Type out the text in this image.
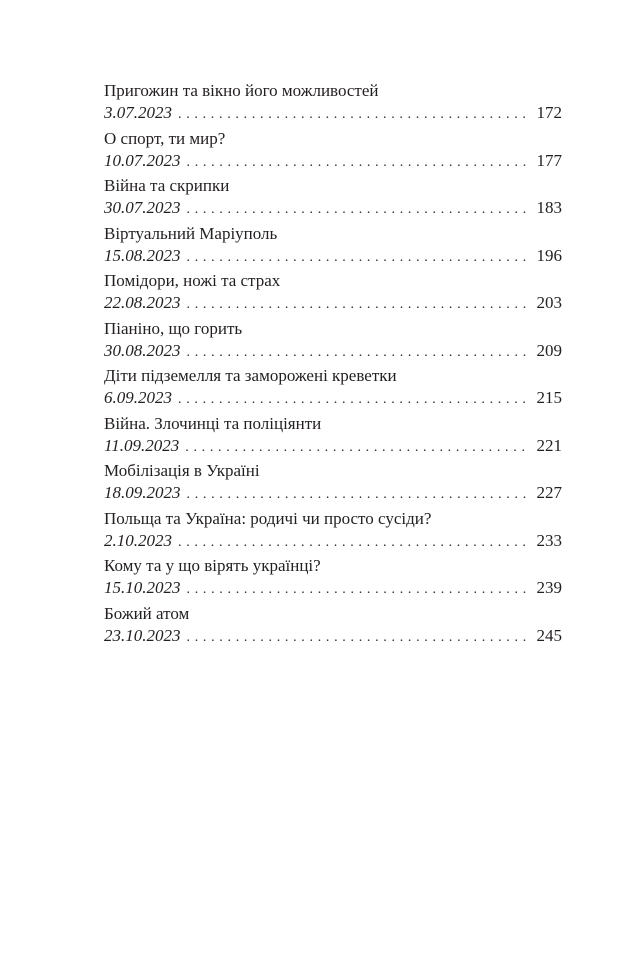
Пригожин та вікно його можливостей
3.07.2023 . . .	172
О спорт, ти мир?
10.07.2023 . . .	177
Війна та скрипки
30.07.2023 . . .	183
Віртуальний Маріуполь
15.08.2023 . . .	196
Помідори, ножі та страх
22.08.2023 . . .	203
Піаніно, що горить
30.08.2023 . . .	209
Діти підземелля та заморожені креветки
6.09.2023 . . .	215
Війна. Злочинці та поліціянти
11.09.2023 . . .	221
Мобілізація в Україні
18.09.2023 . . .	227
Польща та Україна: родичі чи просто сусіди?
2.10.2023 . . .	233
Кому та у що вірять українці?
15.10.2023 . . .	239
Божий атом
23.10.2023 . . .	245
